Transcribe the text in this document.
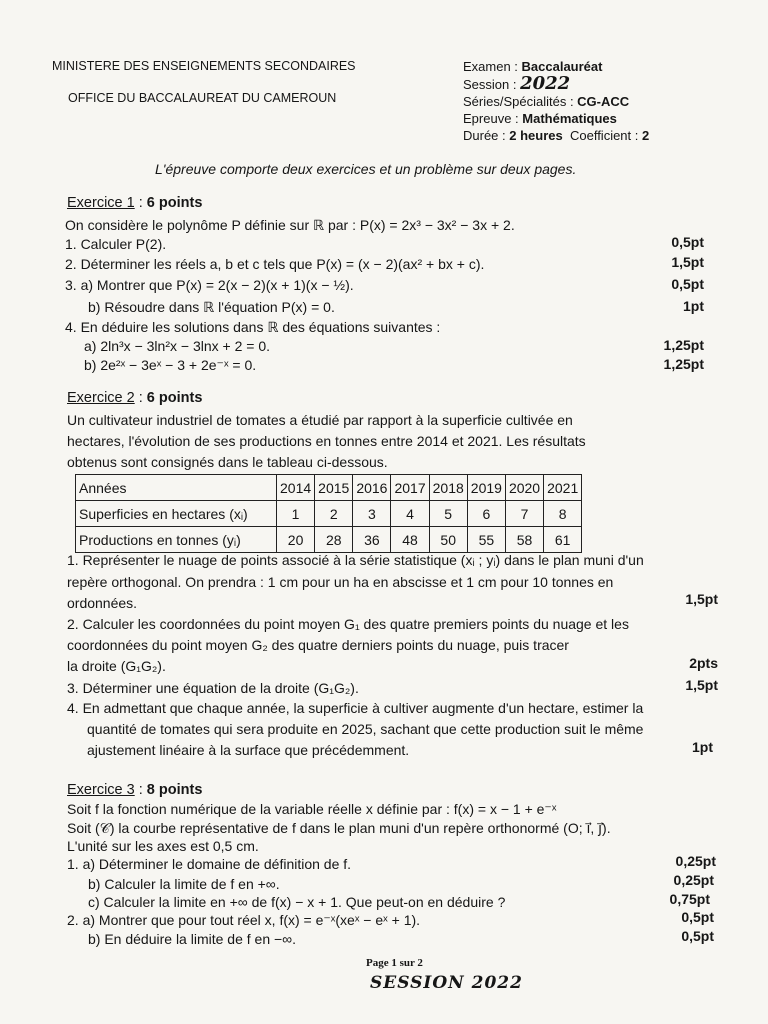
MINISTERE DES ENSEIGNEMENTS SECONDAIRES
OFFICE DU BACCALAUREAT DU CAMEROUN
Examen : Baccalauréat
Session : 2022
Séries/Spécialités : CG-ACC
Epreuve : Mathématiques
Durée : 2 heures Coefficient : 2
L'épreuve comporte deux exercices et un problème sur deux pages.
Exercice 1 : 6 points
On considère le polynôme P définie sur ℝ par : P(x) = 2x³ − 3x² − 3x + 2.
1. Calculer P(2).	0,5pt
2. Déterminer les réels a, b et c tels que P(x) = (x − 2)(ax² + bx + c).	1,5pt
3. a) Montrer que P(x) = 2(x − 2)(x + 1)(x − ½).	0,5pt
b) Résoudre dans ℝ l'équation P(x) = 0.	1pt
4. En déduire les solutions dans ℝ des équations suivantes :
a) 2ln³x − 3ln²x − 3lnx + 2 = 0.	1,25pt
b) 2e²ˣ − 3eˣ − 3 + 2e⁻ˣ = 0.	1,25pt
Exercice 2 : 6 points
Un cultivateur industriel de tomates a étudié par rapport à la superficie cultivée en
hectares, l'évolution de ses productions en tonnes entre 2014 et 2021. Les résultats
obtenus sont consignés dans le tableau ci-dessous.
Années	2014	2015	2016	2017	2018	2019	2020	2021
Superficies en hectares (xᵢ)	1	2	3	4	5	6	7	8
Productions en tonnes (yᵢ)	20	28	36	48	50	55	58	61
1. Représenter le nuage de points associé à la série statistique (xᵢ ; yᵢ) dans le plan muni d'un
repère orthogonal. On prendra : 1 cm pour un ha en abscisse et 1 cm pour 10 tonnes en
ordonnées.	1,5pt
2. Calculer les coordonnées du point moyen G₁ des quatre premiers points du nuage et les
coordonnées du point moyen G₂ des quatre derniers points du nuage, puis tracer
la droite (G₁G₂).	2pts
3. Déterminer une équation de la droite (G₁G₂).	1,5pt
4. En admettant que chaque année, la superficie à cultiver augmente d'un hectare, estimer la
quantité de tomates qui sera produite en 2025, sachant que cette production suit le même
ajustement linéaire à la surface que précédemment.	1pt
Exercice 3 : 8 points
Soit f la fonction numérique de la variable réelle x définie par : f(x) = x − 1 + e⁻ˣ
Soit (𝒞) la courbe représentative de f dans le plan muni d'un repère orthonormé (O; i⃗, j⃗).
L'unité sur les axes est 0,5 cm.
1. a) Déterminer le domaine de définition de f.	0,25pt
b) Calculer la limite de f en +∞.	0,25pt
c) Calculer la limite en +∞ de f(x) − x + 1. Que peut-on en déduire ?	0,75pt
2. a) Montrer que pour tout réel x, f(x) = e⁻ˣ(xeˣ − eˣ + 1).	0,5pt
b) En déduire la limite de f en −∞.	0,5pt
Page 1 sur 2
SESSION 2022
